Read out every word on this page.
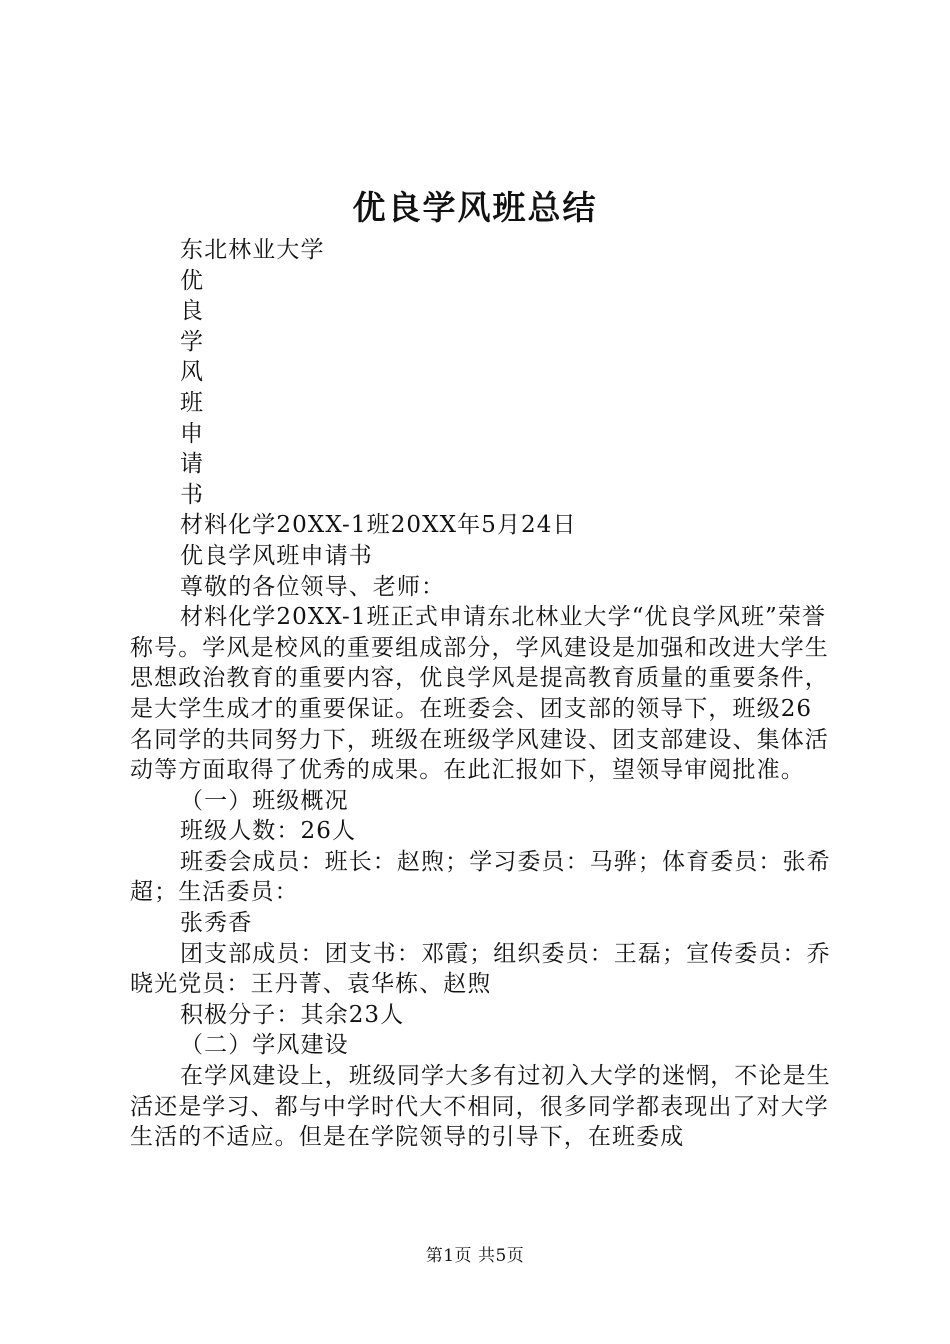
优良学风班总结

东北林业大学

优

良

学

风

班

申

请

书

材料化学20XX-1班20XX年5月24日

优良学风班申请书

尊敬的各位领导、老师：

材料化学20XX-1班正式申请东北林业大学“优良学风班”荣誉称号。学风是校风的重要组成部分，学风建设是加强和改进大学生思想政治教育的重要内容，优良学风是提高教育质量的重要条件，是大学生成才的重要保证。在班委会、团支部的领导下，班级26名同学的共同努力下，班级在班级学风建设、团支部建设、集体活动等方面取得了优秀的成果。在此汇报如下，望领导审阅批准。

（一）班级概况

班级人数：26人

班委会成员：班长：赵煦；学习委员：马骅；体育委员：张希超；生活委员：

张秀香

团支部成员：团支书：邓霞；组织委员：王磊；宣传委员：乔晓光党员：王丹菁、袁华栋、赵煦

积极分子：其余23人

（二）学风建设

在学风建设上，班级同学大多有过初入大学的迷惘，不论是生活还是学习、都与中学时代大不相同，很多同学都表现出了对大学生活的不适应。但是在学院领导的引导下，在班委成

第1页 共5页
